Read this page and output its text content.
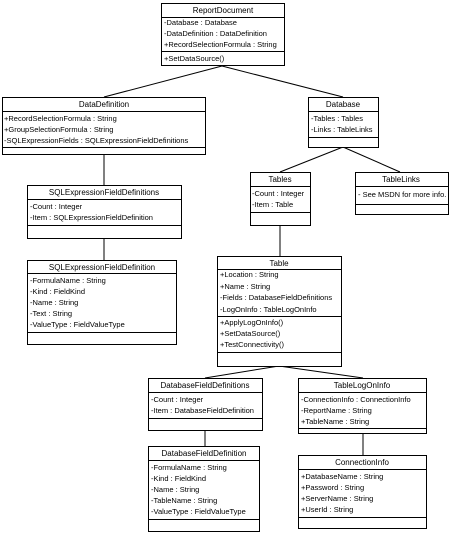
ReportDocument
-Database : Database
-DataDefinition : DataDefinition
+RecordSelectionFormula : String
+SetDataSource()
DataDefinition
+RecordSelectionFormula : String
+GroupSelectionFormula : String
-SQLExpressionFields : SQLExpressionFieldDefinitions
Database
-Tables : Tables
-Links : TableLinks
SQLExpressionFieldDefinitions
-Count : Integer
-Item : SQLExpressionFieldDefinition
Tables
-Count : Integer
-Item : Table
TableLinks
- See MSDN for more info.
SQLExpressionFieldDefinition
-FormulaName : String
-Kind : FieldKind
-Name : String
-Text : String
-ValueType : FieldValueType
Table
+Location : String
+Name : String
-Fields : DatabaseFieldDefinitions
-LogOnInfo : TableLogOnInfo
+ApplyLogOnInfo()
+SetDataSource()
+TestConnectivity()
DatabaseFieldDefinitions
-Count : Integer
-Item : DatabaseFieldDefinition
TableLogOnInfo
-ConnectionInfo : ConnectionInfo
-ReportName : String
+TableName : String
DatabaseFieldDefinition
-FormulaName : String
-Kind : FieldKind
-Name : String
-TableName : String
-ValueType : FieldValueType
ConnectionInfo
+DatabaseName : String
+Password : String
+ServerName : String
+UserId : String
